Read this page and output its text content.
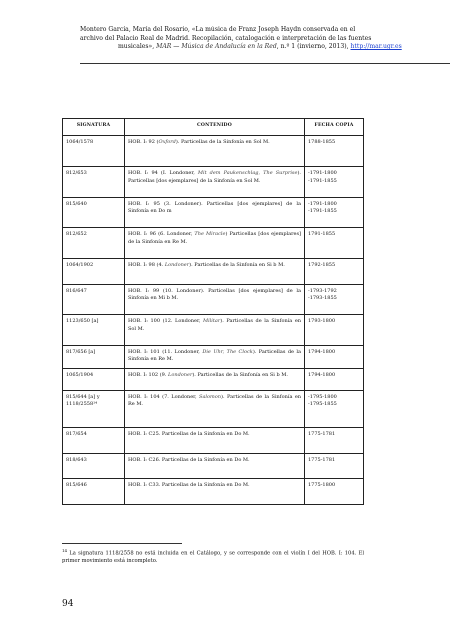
Montero García, María del Rosario, «La música de Franz Joseph Haydn conservada en el
archivo del Palacio Real de Madrid. Recopilación, catalogación e interpretación de las fuentes
musicales», MAR — Música de Andalucía en la Red, n.º 1 (invierno, 2013), http://mar.ugr.es
SIGNATURA	CONTENIDO	FECHA COPIA
1064/1578	HOB. I: 92 (Oxford). Particellas de la Sinfonía en Sol M.	1788-1855

812/653	HOB. I: 94 (I. Londoner, Mit dem Paukenschlag, The Surprise). Particellas [dos ejemplares] de la Sinfonía en Sol M.	-1791-1800
-1791-1855

815/640	HOB. I: 95 (3. Londoner). Particellas [dos ejemplares] de la Sinfonía en Do m	-1791-1800
-1791-1855

812/652	HOB. I: 96 (6. Londoner, The Miracle) Particellas [dos ejemplares] de la Sinfonía en Re M.	1791-1855

1064/1902	HOB. I: 98 (4. Londoner). Particellas de la Sinfonía en Si b M.	1792-1855

816/647	HOB. I: 99 (10. Londoner). Particellas [dos ejemplares] de la Sinfonía en Mi b M.	-1793-1792
-1793-1855

1123/650 [a]	HOB. I: 100 (12. Londoner, Militar). Particellas de la Sinfonía en Sol M.	1793-1800

817/656 [a]	HOB. I: 101 (11. Londoner, Die Uhr, The Clock). Particellas de la Sinfonía en Re M.	1794-1800

1065/1904	HOB. I: 102 (9. Londoner). Particellas de la Sinfonía en Si b M.	1794-1800

815/644 [a] y 1118/2558¹⁴	HOB. I: 104 (7. Londoner, Salomon). Particellas de la Sinfonía en Re M.	-1795-1800
-1795-1855

817/654	HOB. I: C25. Particellas de la Sinfonía en Do M.	1775-1781

818/643	HOB. I: C26. Particellas de la Sinfonía en Do M.	1775-1781

815/646	HOB. I: C33. Particellas de la Sinfonía en Do M.	1775-1800
$^{14}$ La signatura 1118/2558 no está incluida en el Catálogo, y se corresponde con el violín I del HOB. I: 104. El primer movimiento está incompleto.
94
